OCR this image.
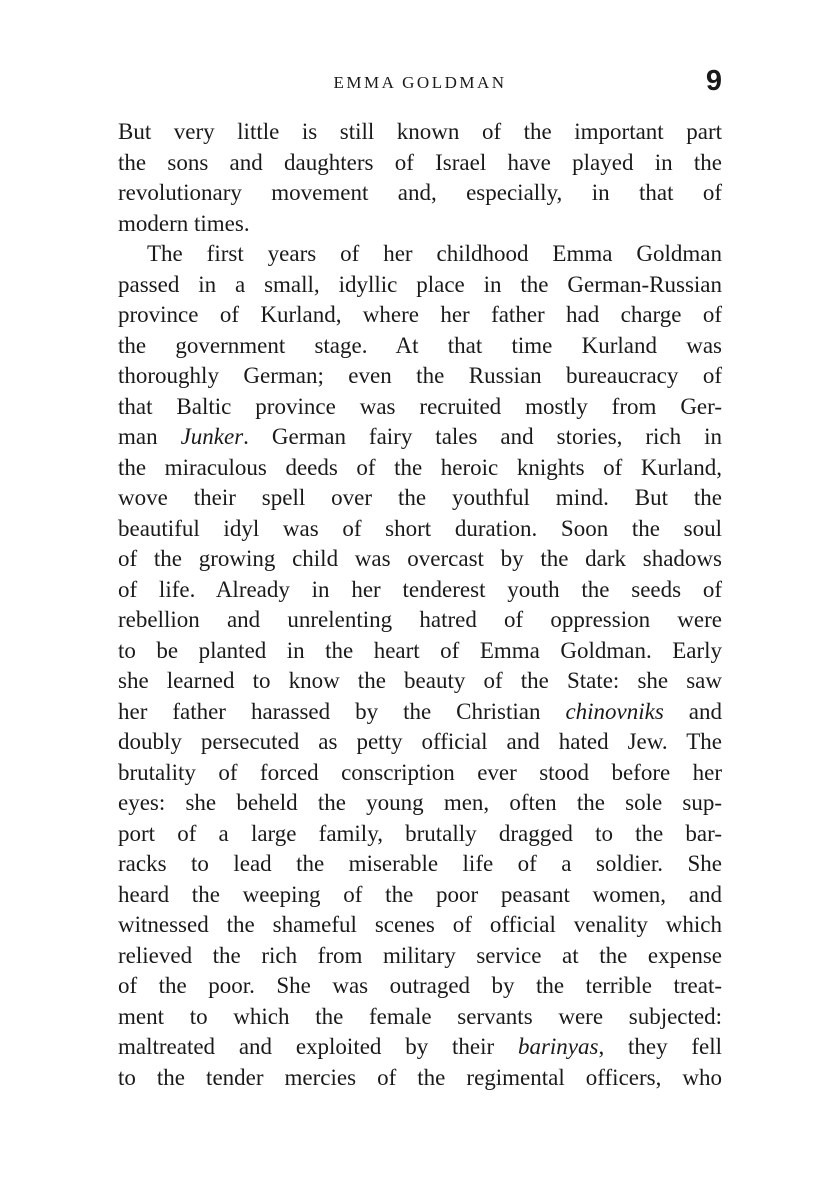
EMMA GOLDMAN	9
But very little is still known of the important part
the sons and daughters of Israel have played in the
revolutionary movement and, especially, in that of
modern times.
The first years of her childhood Emma Goldman
passed in a small, idyllic place in the German-Russian
province of Kurland, where her father had charge of
the government stage. At that time Kurland was
thoroughly German; even the Russian bureaucracy of
that Baltic province was recruited mostly from Ger-
man Junker. German fairy tales and stories, rich in
the miraculous deeds of the heroic knights of Kurland,
wove their spell over the youthful mind. But the
beautiful idyl was of short duration. Soon the soul
of the growing child was overcast by the dark shadows
of life. Already in her tenderest youth the seeds of
rebellion and unrelenting hatred of oppression were
to be planted in the heart of Emma Goldman. Early
she learned to know the beauty of the State: she saw
her father harassed by the Christian chinovniks and
doubly persecuted as petty official and hated Jew. The
brutality of forced conscription ever stood before her
eyes: she beheld the young men, often the sole sup-
port of a large family, brutally dragged to the bar-
racks to lead the miserable life of a soldier. She
heard the weeping of the poor peasant women, and
witnessed the shameful scenes of official venality which
relieved the rich from military service at the expense
of the poor. She was outraged by the terrible treat-
ment to which the female servants were subjected:
maltreated and exploited by their barinyas, they fell
to the tender mercies of the regimental officers, who
